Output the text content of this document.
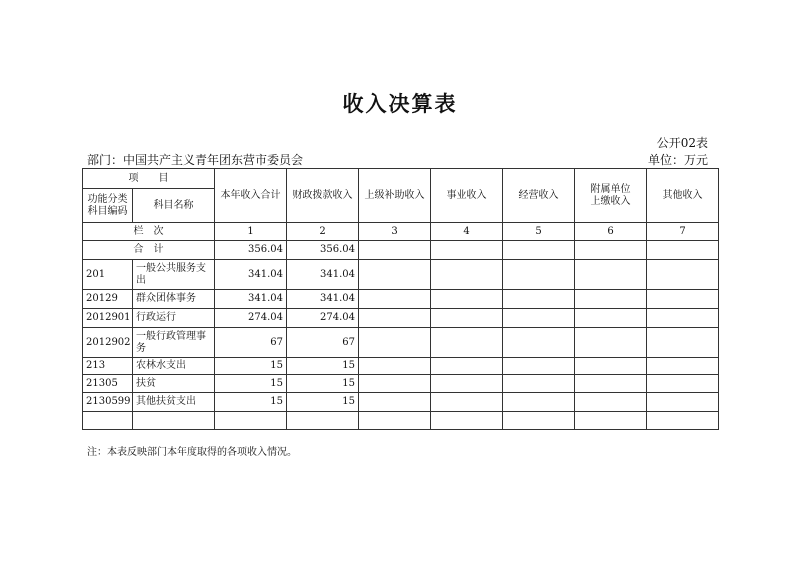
收入决算表
公开02表
部门：中国共产主义青年团东营市委员会	单位：万元
项　　目		本年收入合计	财政拨款收入	上级补助收入	事业收入	经营收入	附属单位上缴收入	其他收入
功能分类科目编码	科目名称							
栏　次		1	2	3	4	5	6	7
合　计		356.04	356.04					
201	一般公共服务支出	341.04	341.04					
20129	群众团体事务	341.04	341.04					
2012901	行政运行	274.04	274.04					
2012902	一般行政管理事务	67	67					
213	农林水支出	15	15					
21305	扶贫	15	15					
2130599	其他扶贫支出	15	15					

注：本表反映部门本年度取得的各项收入情况。
